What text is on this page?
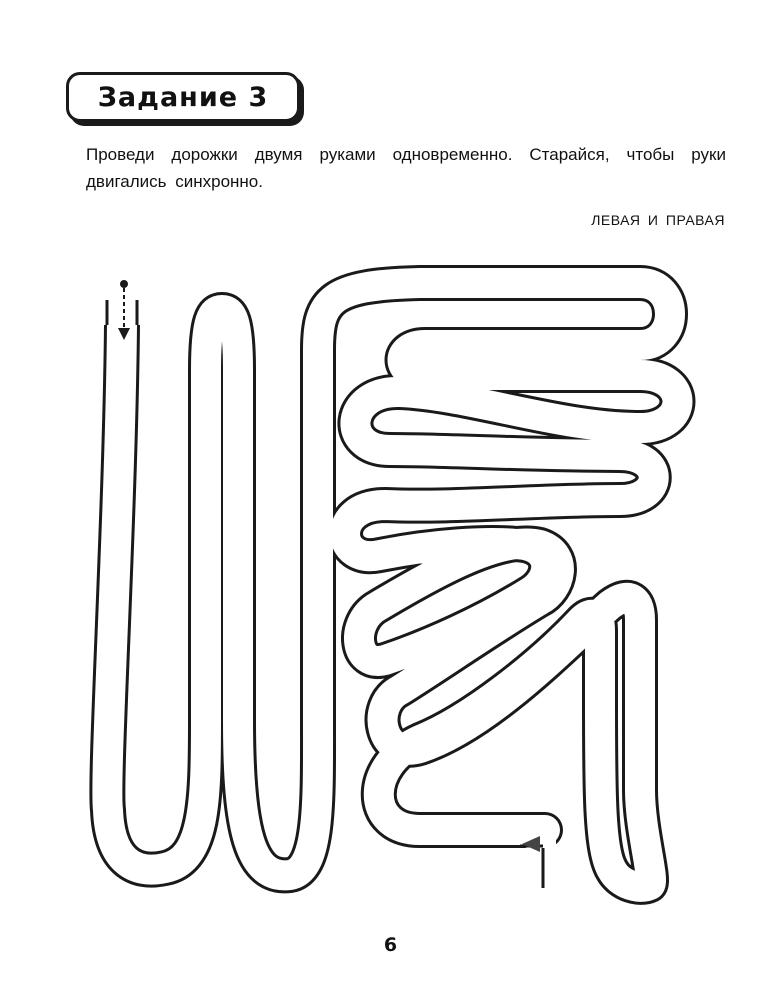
Задание 3

Проведи дорожки двумя руками одновременно. Старайся, чтобы руки двигались синхронно.

ЛЕВАЯ И ПРАВАЯ
6
